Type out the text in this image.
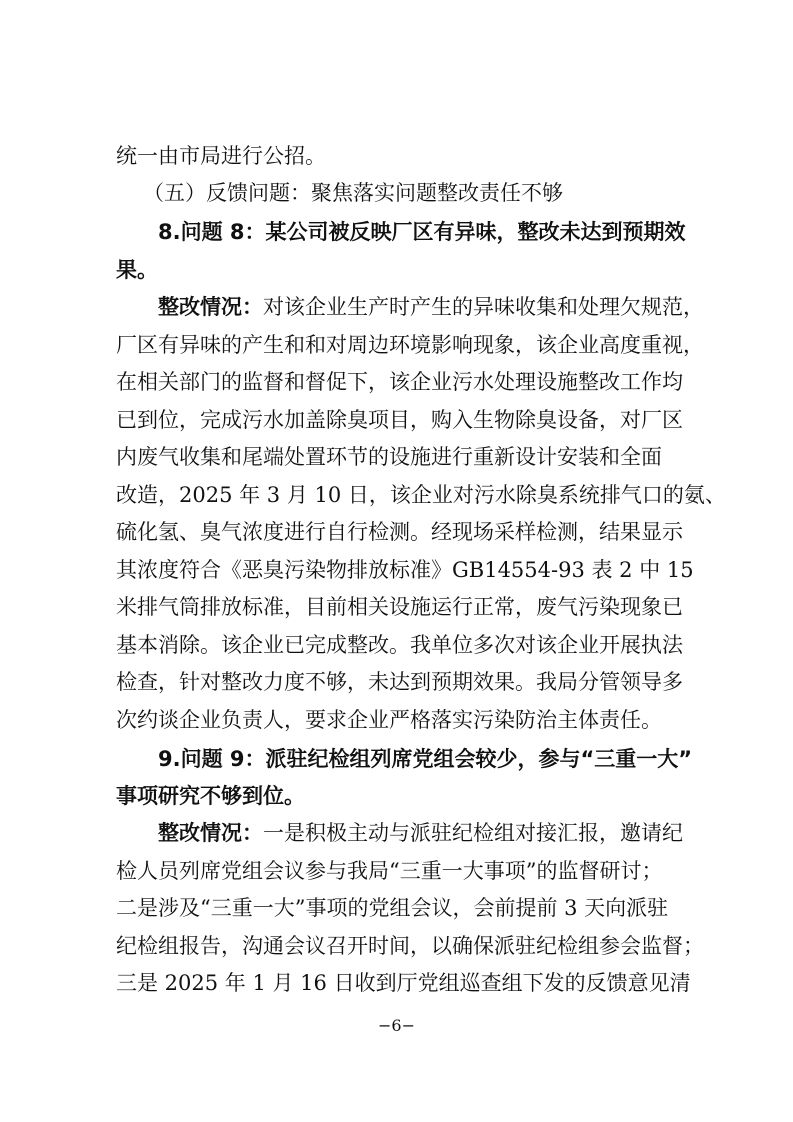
统一由市局进行公招。
（五）反馈问题：聚焦落实问题整改责任不够
8.问题 8：某公司被反映厂区有异味，整改未达到预期效
果。
整改情况：对该企业生产时产生的异味收集和处理欠规范，
厂区有异味的产生和和对周边环境影响现象，该企业高度重视，
在相关部门的监督和督促下，该企业污水处理设施整改工作均
已到位，完成污水加盖除臭项目，购入生物除臭设备，对厂区
内废气收集和尾端处置环节的设施进行重新设计安装和全面
改造，2025 年 3 月 10 日，该企业对污水除臭系统排气口的氨、
硫化氢、臭气浓度进行自行检测。经现场采样检测，结果显示
其浓度符合《恶臭污染物排放标准》GB14554-93 表 2 中 15
米排气筒排放标准，目前相关设施运行正常，废气污染现象已
基本消除。该企业已完成整改。我单位多次对该企业开展执法
检查，针对整改力度不够，未达到预期效果。我局分管领导多
次约谈企业负责人，要求企业严格落实污染防治主体责任。
9.问题 9：派驻纪检组列席党组会较少，参与“三重一大”
事项研究不够到位。
整改情况：一是积极主动与派驻纪检组对接汇报，邀请纪
检人员列席党组会议参与我局“三重一大事项”的监督研讨；
二是涉及“三重一大”事项的党组会议，会前提前 3 天向派驻
纪检组报告，沟通会议召开时间，以确保派驻纪检组参会监督；
三是 2025 年 1 月 16 日收到厅党组巡查组下发的反馈意见清
−6−
